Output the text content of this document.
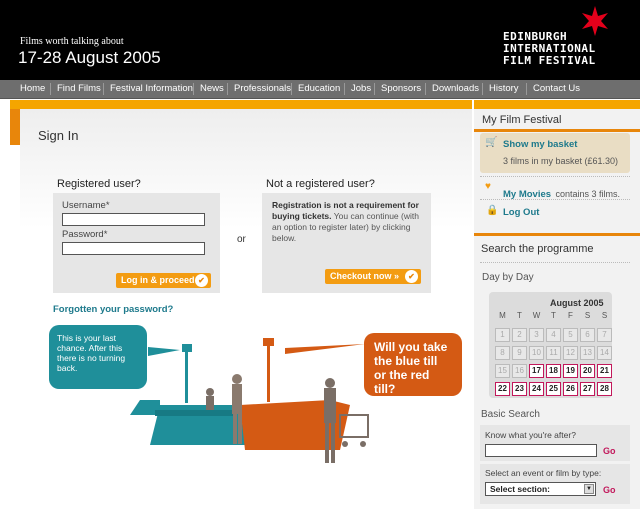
Films worth talking about
17-28 August 2005
EDINBURGH
INTERNATIONAL
FILM FESTIVAL
Home Find Films Festival Information News Professionals Education Jobs Sponsors Downloads History Contact Us
Sign In
Registered user?
Username*
Password*
Log in & proceed ✔
or
Not a registered user?
Registration is not a requirement for buying tickets. You can continue (with an option to register later) by clicking below.
Checkout now »	✔
Forgotten your password?
This is your last chance. After this there is no turning back.
Will you take the blue till or the red till?
My Film Festival
🛒 Show my basket
3 films in my basket (£61.30)
♥
My Movies contains 3 films.
🔒 Log Out
Search the programme
Day by Day
August 2005
M	T	W	T	F	S	S
1	2	3	4	5	6	7
8	9	10	11	12	13	14
15	16	17	18	19	20	21
22	23	24	25	26	27	28
Basic Search
Know what you're after?
Go
Select an event or film by type:
Select section:	▼ Go
